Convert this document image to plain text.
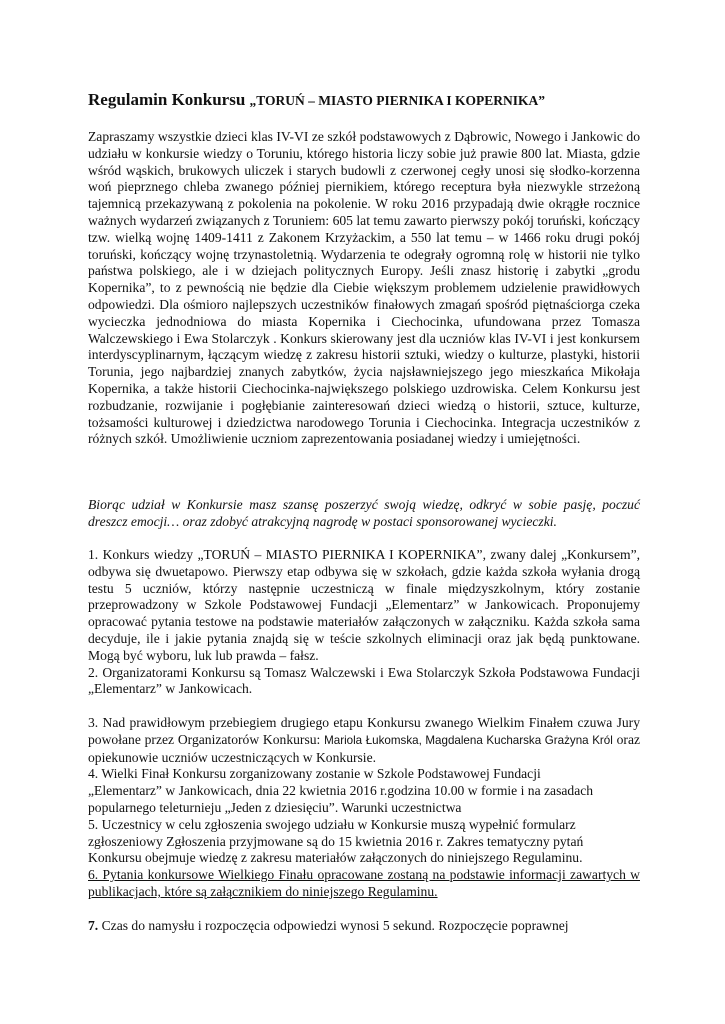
Regulamin Konkursu „TORUŃ – MIASTO PIERNIKA I KOPERNIKA”
Zapraszamy wszystkie dzieci klas IV-VI ze szkół podstawowych z Dąbrowic, Nowego i Jankowic do udziału w konkursie wiedzy o Toruniu, którego historia liczy sobie już prawie 800 lat. Miasta, gdzie wśród wąskich, brukowych uliczek i starych budowli z czerwonej cegły unosi się słodko-korzenna woń pieprznego chleba zwanego później piernikiem, którego receptura była niezwykle strzeżoną tajemnicą przekazywaną z pokolenia na pokolenie. W roku 2016 przypadają dwie okrągłe rocznice ważnych wydarzeń związanych z Toruniem: 605 lat temu zawarto pierwszy pokój toruński, kończący tzw. wielką wojnę 1409-1411 z Zakonem Krzyżackim, a 550 lat temu – w 1466 roku drugi pokój toruński, kończący wojnę trzynastoletnią. Wydarzenia te odegrały ogromną rolę w historii nie tylko państwa polskiego, ale i w dziejach politycznych Europy. Jeśli znasz historię i zabytki „grodu Kopernika”, to z pewnością nie będzie dla Ciebie większym problemem udzielenie prawidłowych odpowiedzi. Dla ośmioro najlepszych uczestników finałowych zmagań spośród piętnaściorga czeka wycieczka jednodniowa do miasta Kopernika i Ciechocinka, ufundowana przez Tomasza Walczewskiego i Ewa Stolarczyk . Konkurs skierowany jest dla uczniów klas IV-VI i jest konkursem interdyscyplinarnym, łączącym wiedzę z zakresu historii sztuki, wiedzy o kulturze, plastyki, historii Torunia, jego najbardziej znanych zabytków, życia najsławniejszego jego mieszkańca Mikołaja Kopernika, a także historii Ciechocinka-największego polskiego uzdrowiska. Celem Konkursu jest rozbudzanie, rozwijanie i pogłębianie zainteresowań dzieci wiedzą o historii, sztuce, kulturze, tożsamości kulturowej i dziedzictwa narodowego Torunia i Ciechocinka. Integracja uczestników z różnych szkół. Umożliwienie uczniom zaprezentowania posiadanej wiedzy i umiejętności.
Biorąc udział w Konkursie masz szansę poszerzyć swoją wiedzę, odkryć w sobie pasję, poczuć dreszcz emocji… oraz zdobyć atrakcyjną nagrodę w postaci sponsorowanej wycieczki.

1. Konkurs wiedzy „TORUŃ – MIASTO PIERNIKA I KOPERNIKA”, zwany dalej „Konkursem”, odbywa się dwuetapowo. Pierwszy etap odbywa się w szkołach, gdzie każda szkoła wyłania drogą testu 5 uczniów, którzy następnie uczestniczą w finale międzyszkolnym, który zostanie przeprowadzony w Szkole Podstawowej Fundacji „Elementarz” w Jankowicach. Proponujemy opracować pytania testowe na podstawie materiałów załączonych w załączniku. Każda szkoła sama decyduje, ile i jakie pytania znajdą się w teście szkolnych eliminacji oraz jak będą punktowane. Mogą być wyboru, luk lub prawda – fałsz.

2. Organizatorami Konkursu są Tomasz Walczewski i Ewa Stolarczyk Szkoła Podstawowa Fundacji „Elementarz” w Jankowicach.

3. Nad prawidłowym przebiegiem drugiego etapu Konkursu zwanego Wielkim Finałem czuwa Jury powołane przez Organizatorów Konkursu: Mariola Łukomska, Magdalena Kucharska Grażyna Król oraz opiekunowie uczniów uczestniczących w Konkursie.

4. Wielki Finał Konkursu zorganizowany zostanie w Szkole Podstawowej Fundacji
„Elementarz” w Jankowicach, dnia 22 kwietnia 2016 r.godzina 10.00 w formie i na zasadach
popularnego teleturnieju „Jeden z dziesięciu”. Warunki uczestnictwa

5. Uczestnicy w celu zgłoszenia swojego udziału w Konkursie muszą wypełnić formularz
zgłoszeniowy Zgłoszenia przyjmowane są do 15 kwietnia 2016 r. Zakres tematyczny pytań
Konkursu obejmuje wiedzę z zakresu materiałów załączonych do niniejszego Regulaminu.

6. Pytania konkursowe Wielkiego Finału opracowane zostaną na podstawie informacji zawartych w publikacjach, które są załącznikiem do niniejszego Regulaminu.

7. Czas do namysłu i rozpoczęcia odpowiedzi wynosi 5 sekund. Rozpoczęcie poprawnej
